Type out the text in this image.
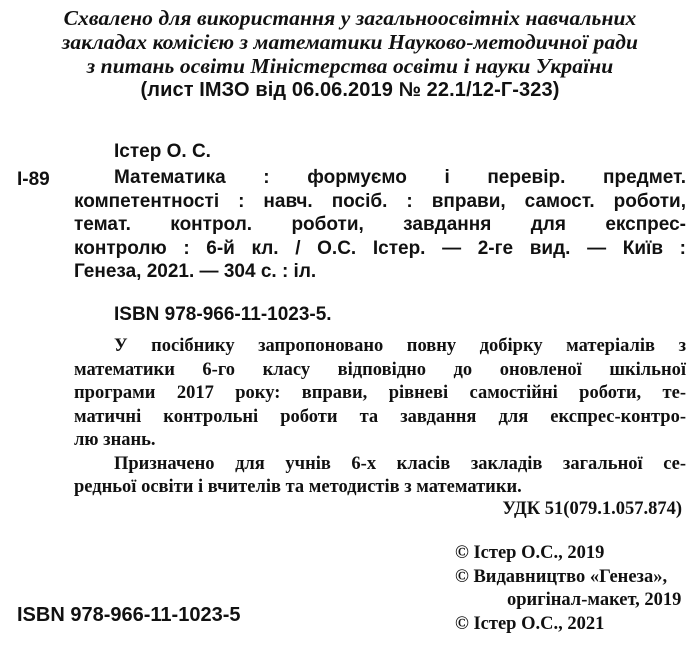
Схвалено для використання у загальноосвітніх навчальних
закладах комісією з математики Науково-методичної ради
з питань освіти Міністерства освіти і науки України
(лист ІМЗО від 06.06.2019 № 22.1/12-Г-323)
Істер О. С.
І-89	Математика : формуємо і перевір. предмет.
компетентності : навч. посіб. : вправи, самост. роботи,
темат. контрол. роботи, завдання для експрес-
контролю : 6-й кл. / О.С. Істер. — 2-ге вид. — Київ :
Генеза, 2021. — 304 с. : іл.
ISBN 978-966-11-1023-5.
У посібнику запропоновано повну добірку матеріалів з
математики 6-го класу відповідно до оновленої шкільної
програми 2017 року: вправи, рівневі самостійні роботи, те-
матичні контрольні роботи та завдання для експрес-контро-
лю знань.
Призначено для учнів 6-х класів закладів загальної се-
редньої освіти і вчителів та методистів з математики.
УДК 51(079.1.057.874)
© Істер О.С., 2019
© Видавництво «Генеза»,
оригінал-макет, 2019
© Істер О.С., 2021
ISBN 978-966-11-1023-5
